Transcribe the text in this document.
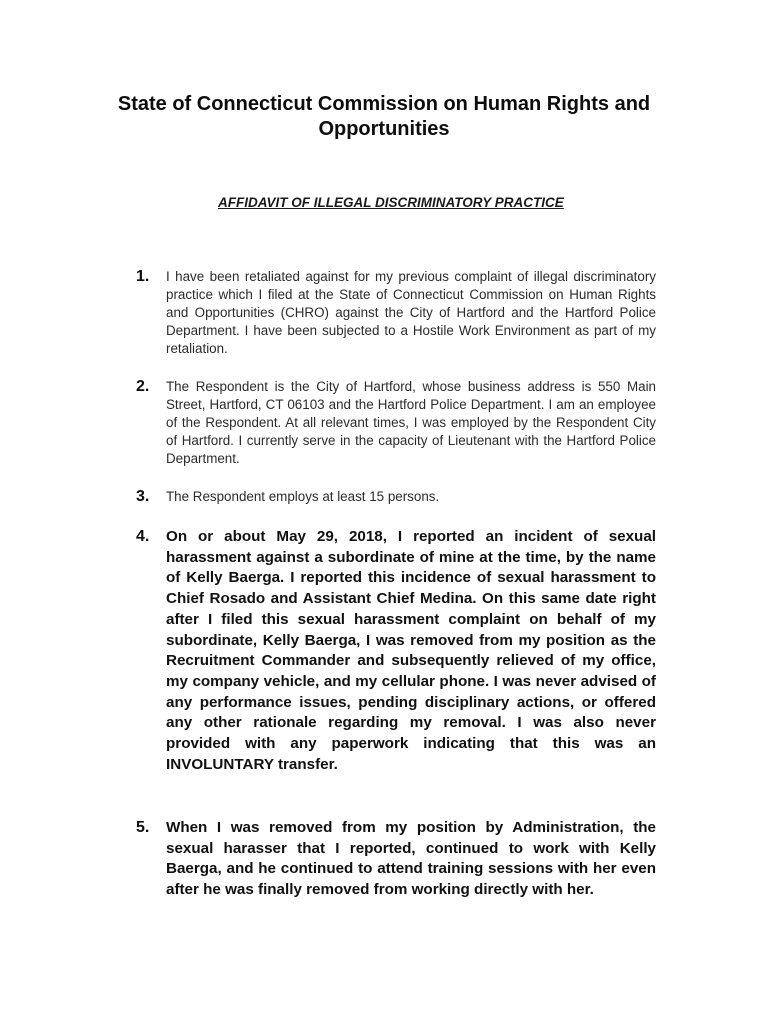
State of Connecticut Commission on Human Rights and Opportunities
AFFIDAVIT OF ILLEGAL DISCRIMINATORY PRACTICE
1. I have been retaliated against for my previous complaint of illegal discriminatory practice which I filed at the State of Connecticut Commission on Human Rights and Opportunities (CHRO) against the City of Hartford and the Hartford Police Department. I have been subjected to a Hostile Work Environment as part of my retaliation.
2. The Respondent is the City of Hartford, whose business address is 550 Main Street, Hartford, CT 06103 and the Hartford Police Department. I am an employee of the Respondent. At all relevant times, I was employed by the Respondent City of Hartford. I currently serve in the capacity of Lieutenant with the Hartford Police Department.
3. The Respondent employs at least 15 persons.
4. On or about May 29, 2018, I reported an incident of sexual harassment against a subordinate of mine at the time, by the name of Kelly Baerga. I reported this incidence of sexual harassment to Chief Rosado and Assistant Chief Medina. On this same date right after I filed this sexual harassment complaint on behalf of my subordinate, Kelly Baerga, I was removed from my position as the Recruitment Commander and subsequently relieved of my office, my company vehicle, and my cellular phone. I was never advised of any performance issues, pending disciplinary actions, or offered any other rationale regarding my removal. I was also never provided with any paperwork indicating that this was an INVOLUNTARY transfer.
5. When I was removed from my position by Administration, the sexual harasser that I reported, continued to work with Kelly Baerga, and he continued to attend training sessions with her even after he was finally removed from working directly with her.
